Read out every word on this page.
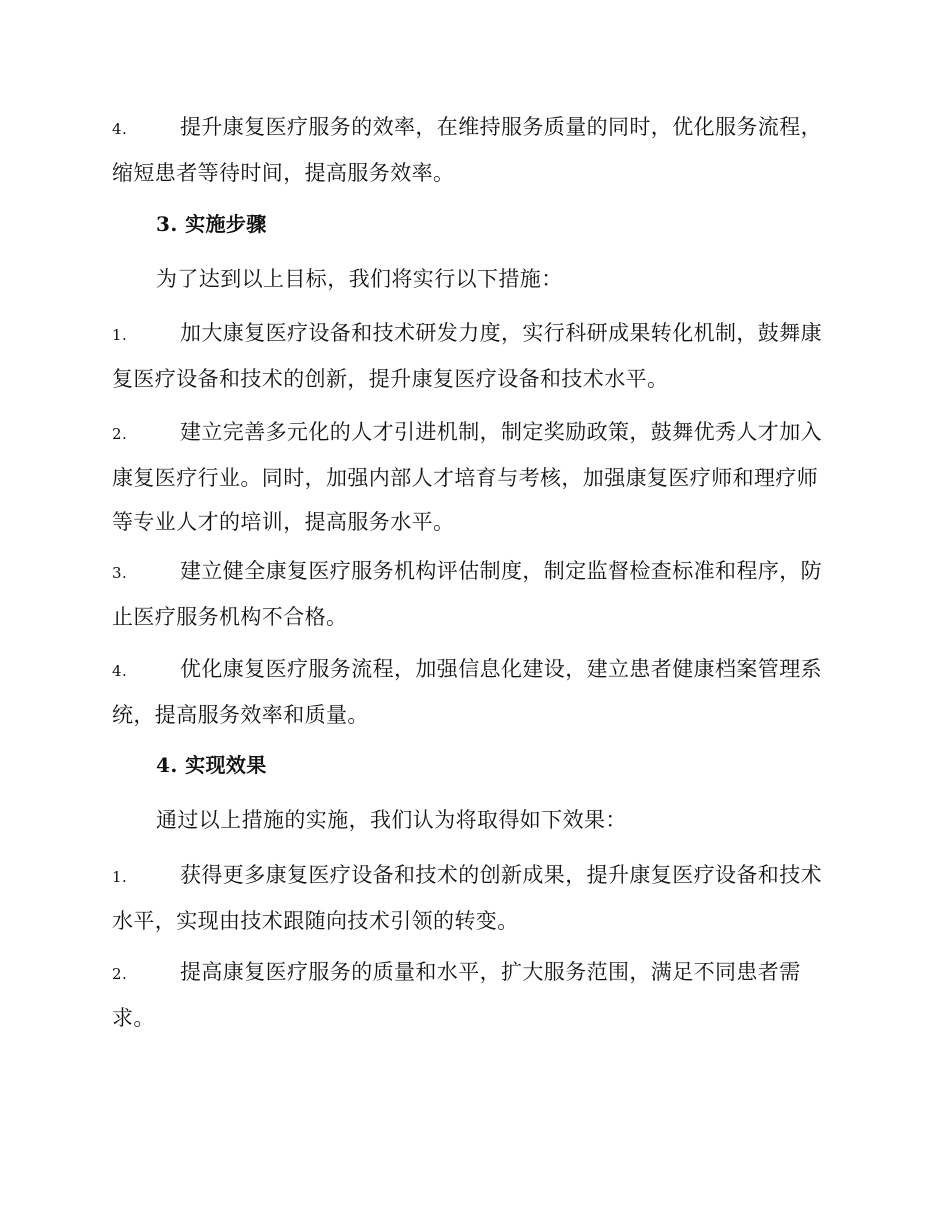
4.	提升康复医疗服务的效率，在维持服务质量的同时，优化服务流程，缩短患者等待时间，提高服务效率。
3. 实施步骤
为了达到以上目标，我们将实行以下措施：
1.	加大康复医疗设备和技术研发力度，实行科研成果转化机制，鼓舞康复医疗设备和技术的创新，提升康复医疗设备和技术水平。
2.	建立完善多元化的人才引进机制，制定奖励政策，鼓舞优秀人才加入康复医疗行业。同时，加强内部人才培育与考核，加强康复医疗师和理疗师等专业人才的培训，提高服务水平。
3.	建立健全康复医疗服务机构评估制度，制定监督检查标准和程序，防止医疗服务机构不合格。
4.	优化康复医疗服务流程，加强信息化建设，建立患者健康档案管理系统，提高服务效率和质量。
4. 实现效果
通过以上措施的实施，我们认为将取得如下效果：
1.	获得更多康复医疗设备和技术的创新成果，提升康复医疗设备和技术水平，实现由技术跟随向技术引领的转变。
2.	提高康复医疗服务的质量和水平，扩大服务范围，满足不同患者需求。
